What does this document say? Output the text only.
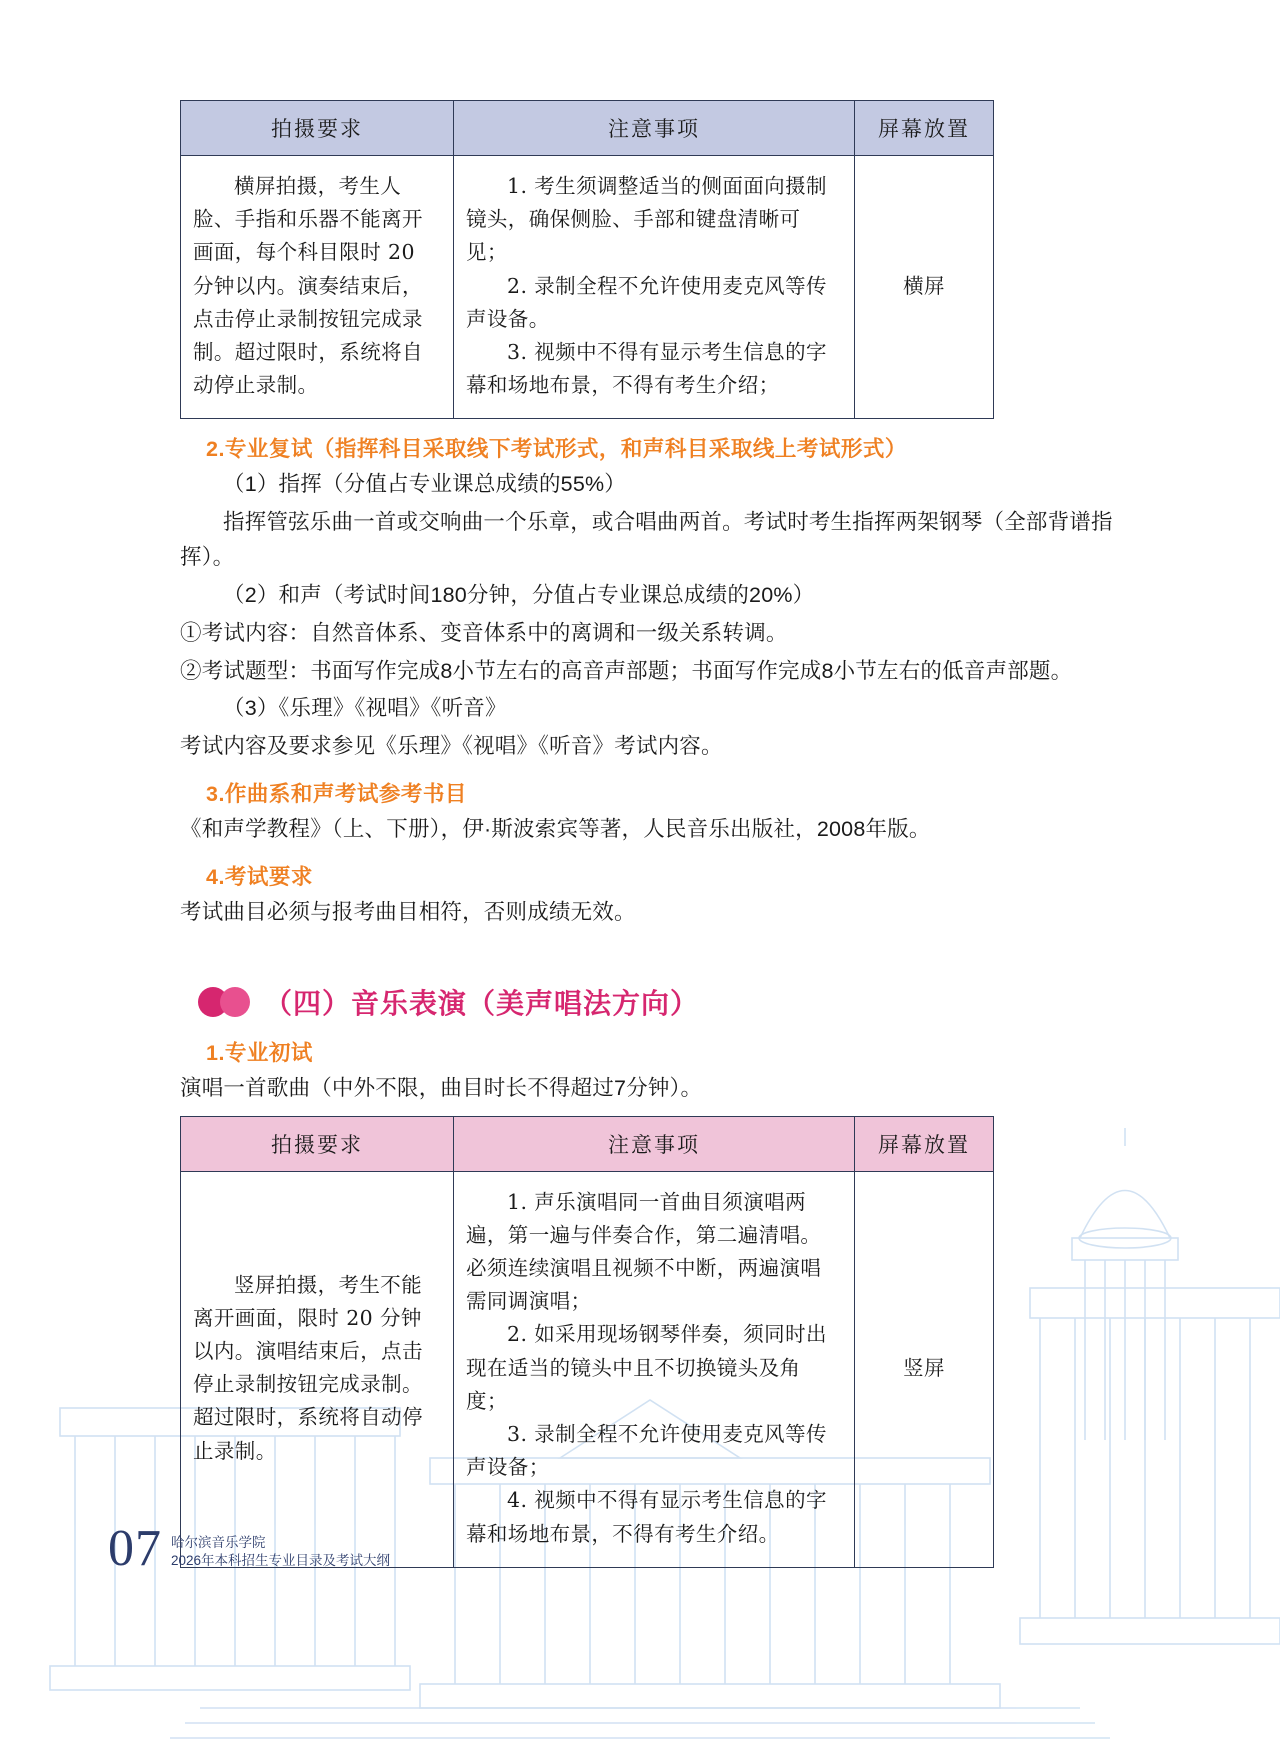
拍摄要求	注意事项	屏幕放置

横屏拍摄，考生人脸、手指和乐器不能离开画面，每个科目限时 20 分钟以内。演奏结束后，点击停止录制按钮完成录制。超过限时，系统将自动停止录制。	1. 考生须调整适当的侧面面向摄制镜头，确保侧脸、手部和键盘清晰可见；
2. 录制全程不允许使用麦克风等传声设备。
3. 视频中不得有显示考生信息的字幕和场地布景，不得有考生介绍；	横屏
2.专业复试（指挥科目采取线下考试形式，和声科目采取线上考试形式）
（1）指挥（分值占专业课总成绩的55%）
指挥管弦乐曲一首或交响曲一个乐章，或合唱曲两首。考试时考生指挥两架钢琴（全部背谱指挥）。
（2）和声（考试时间180分钟，分值占专业课总成绩的20%）
①考试内容：自然音体系、变音体系中的离调和一级关系转调。
②考试题型：书面写作完成8小节左右的高音声部题；书面写作完成8小节左右的低音声部题。
（3）《乐理》《视唱》《听音》
考试内容及要求参见《乐理》《视唱》《听音》考试内容。
3.作曲系和声考试参考书目
《和声学教程》（上、下册），伊·斯波索宾等著，人民音乐出版社，2008年版。
4.考试要求
考试曲目必须与报考曲目相符，否则成绩无效。
（四）音乐表演（美声唱法方向）
1.专业初试
演唱一首歌曲（中外不限，曲目时长不得超过7分钟）。
拍摄要求	注意事项	屏幕放置

竖屏拍摄，考生不能离开画面，限时 20 分钟以内。演唱结束后，点击停止录制按钮完成录制。超过限时，系统将自动停止录制。	1. 声乐演唱同一首曲目须演唱两遍，第一遍与伴奏合作，第二遍清唱。必须连续演唱且视频不中断，两遍演唱需同调演唱；
2. 如采用现场钢琴伴奏，须同时出现在适当的镜头中且不切换镜头及角度；
3. 录制全程不允许使用麦克风等传声设备；
4. 视频中不得有显示考生信息的字幕和场地布景，不得有考生介绍。	竖屏
07 哈尔滨音乐学院
2026年本科招生专业目录及考试大纲
